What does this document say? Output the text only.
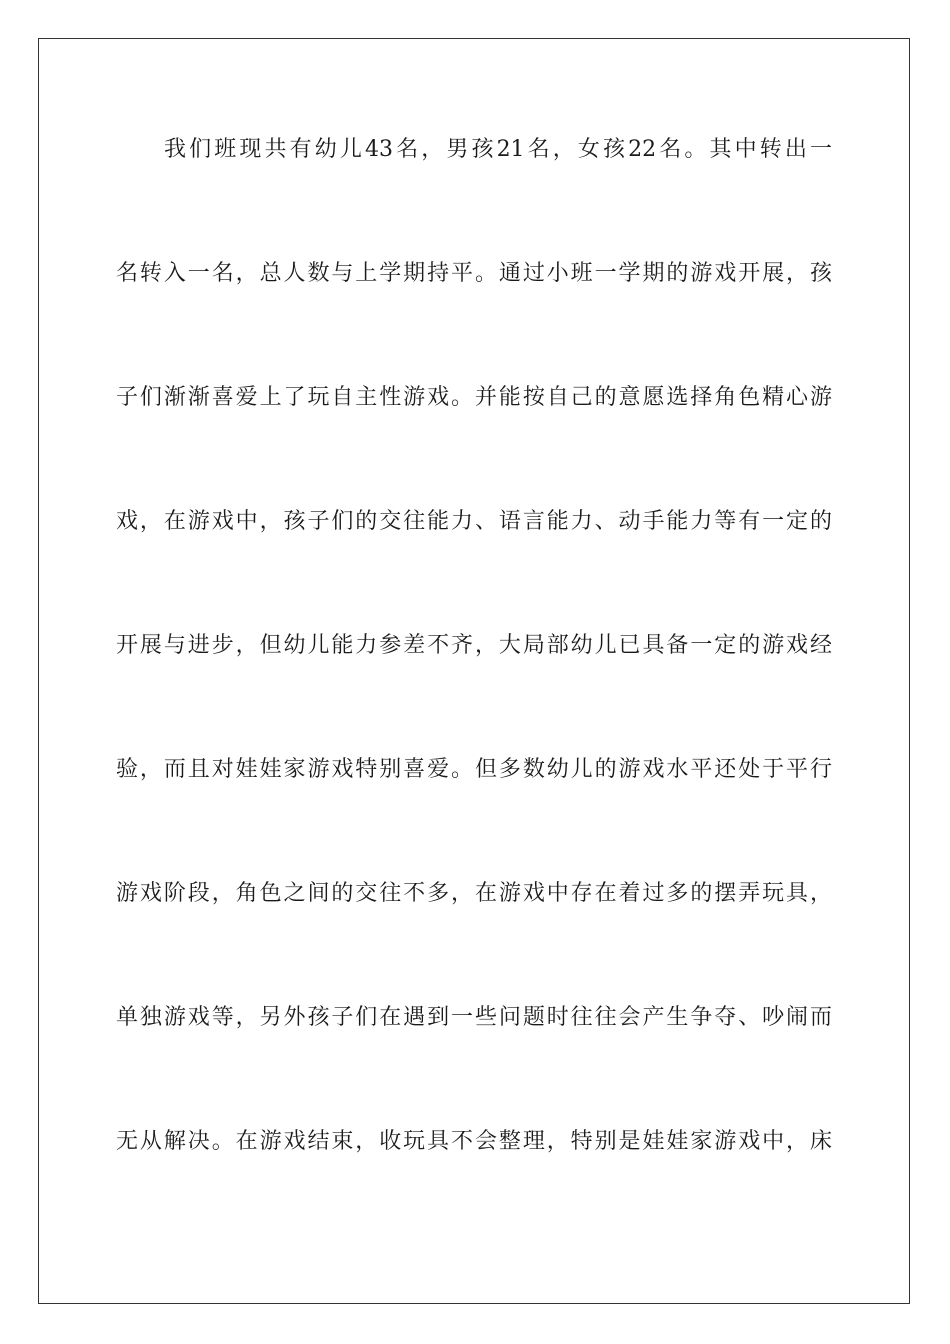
我们班现共有幼儿43名，男孩21名，女孩22名。其中转出一
名转入一名，总人数与上学期持平。通过小班一学期的游戏开展，孩
子们渐渐喜爱上了玩自主性游戏。并能按自己的意愿选择角色精心游
戏，在游戏中，孩子们的交往能力、语言能力、动手能力等有一定的
开展与进步，但幼儿能力参差不齐，大局部幼儿已具备一定的游戏经
验，而且对娃娃家游戏特别喜爱。但多数幼儿的游戏水平还处于平行
游戏阶段，角色之间的交往不多，在游戏中存在着过多的摆弄玩具，
单独游戏等，另外孩子们在遇到一些问题时往往会产生争夺、吵闹而
无从解决。在游戏结束，收玩具不会整理，特别是娃娃家游戏中，床
